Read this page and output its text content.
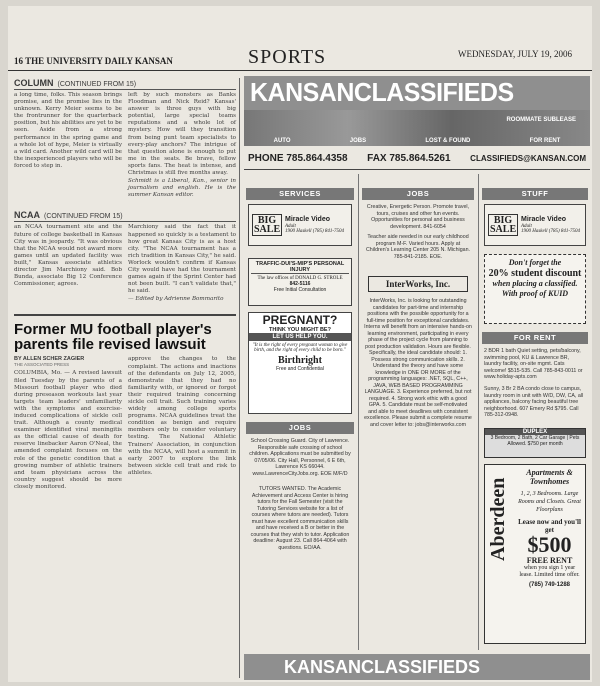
16 THE UNIVERSITY DAILY KANSAN	SPORTS	WEDNESDAY, JULY 19, 2006
COLUMN (CONTINUED FROM 15)

a long time, folks. This season brings promise, and the promise lies in the unknown. Kerry Meier seems to be the frontrunner for the quarterback position, but his abilities are yet to be seen. Aside from a strong performance in the spring game and a whole lot of hype, Meier is virtually a wild card. Another wild card will be the inexperienced players who will be forced to step in.

left by such monsters as Banks Floodman and Nick Reid? Kansas' answer is three guys with big potential, large special teams reputations and a whole lot of mystery. How will they transition from being punt team specialists to every-play anchors? The intrigue of that question alone is enough to put me in the seats. Be brave, fellow sports fans. The heat is intense, and Christmas is still five months away.

Schmidt is a Liberal, Kan., senior in journalism and english. He is the summer Kansan editor.

NCAA (CONTINUED FROM 15)

an NCAA tournament site and the future of college basketball in Kansas City was in jeopardy. "It was obvious that the NCAA would not award more games until an updated facility was built," Kansas associate athletics director Jim Marchiony said. Bob Bunda, associate Big 12 Conference Commissioner, agrees.

Marchiony said the fact that it happened so quickly is a testament to how great Kansas City is as a host city. "The NCAA tournament has a rich tradition in Kansas City," he said. Worlock wouldn't confirm if Kansas City would have had the tournament games again if the Sprint Center had not been built. "I can't validate that," he said.

— Edited by Adrienne Bommarito

Former MU football player's parents file revised lawsuit
BY ALLEN SCHER ZAGIER
THE ASSOCIATED PRESS

COLUMBIA, Mo. — A revised lawsuit filed Tuesday by the parents of a Missouri football player who died during preseason workouts last year targets team leaders' unfamiliarity with the symptoms and exercise-induced complications of sickle cell trait. Although a county medical examiner identified viral meningitis as the official cause of death for reserve linebacker Aaron O'Neal, the amended complaint focuses on the role of the genetic condition that a growing number of athletic trainers and team physicians across the country suggest should be more closely monitored.

approve the changes to the complaint. The actions and inactions of the defendants on July 12, 2005, demonstrate that they had no familiarity with, or ignored or forgot their required training concerning sickle cell trait. Such training varies widely among college sports programs. NCAA guidelines treat the condition as benign and require members only to consider voluntary testing. The National Athletic Trainers' Association, in conjunction with the NCAA, will host a summit in early 2007 to explore the link between sickle cell trait and risk to athletes.

KANSANCLASSIFIEDS
AUTO	JOBS	LOST & FOUND	FOR RENT
ROOMMATE SUBLEASE
PHONE 785.864.4358 FAX 785.864.5261 CLASSIFIEDS@KANSAN.COM
SERVICES
BIG SALE
Miracle Video
Adult
1900 Haskell (785) 841-7504
TRAFFIC-DUI'S-MIP'S PERSONAL INJURY
The law offices of DONALD G. STROLE
842-5116
Free Initial Consultation
PREGNANT?
THINK YOU MIGHT BE?
LET US HELP YOU.
"It is the right of every pregnant woman to give birth, and the right of every child to be born."
Birthright
Free and Confidential
JOBS
School Crossing Guard. City of Lawrence. Responsible safe crossing of school children. Applications must be submitted by 07/05/06. City Hall, Personnel, 6 E 6th, Lawrence KS 66044. www.LawrenceCityJobs.org. EOE M/F/D
TUTORS WANTED. The Academic Achievement and Access Center is hiring tutors for the Fall Semester (visit the Tutoring Services website for a list of courses where tutors are needed). Tutors must have excellent communication skills and have received a B or better in the courses that they wish to tutor. Application deadline: August 23. Call 864-4064 with questions. EO/AA.
JOBS
Creative, Energetic Person. Promote travel, tours, cruises and other fun events. Opportunities for personal and business development. 841-6054
Teacher aide needed in our early childhood program M-F. Varied hours. Apply at Children's Learning Center 205 N. Michigan. 785-841-2185. EOE.
InterWorks, Inc.
InterWorks, Inc. is looking for outstanding candidates for part-time and internship positions with the possible opportunity for a full-time position for exceptional candidates. Interns will benefit from an intensive hands-on learning environment, participating in every phase of the project cycle from planning to post production validation. Hours are flexible. Specifically, the ideal candidate should: 1. Possess strong communication skills. 2. Understand the theory and have some knowledge in ONE OR MORE of the programming languages: .NET, SQL, C++, JAVA, WEB BASED PROGRAMMING LANGUAGE. 3. Experience preferred, but not required. 4. Strong work ethic with a good GPA. 5. Candidate must be self-motivated and able to meet deadlines with consistent excellence. Please submit a complete resume and cover letter to: jobs@interworks.com
STUFF
BIG SALE
Miracle Video
Adult
1900 Haskell (785) 841-7504
Don't forget the
20% student discount
when placing a classified.
With proof of KUID
FOR RENT
2 BDR 1 bath Quiet setting, pets/balcony, swimming pool, KU & Lawrence BR, laundry facility, on-site mgmt. Cats welcome! $515-535. Call 785-843-0011 or www.holiday-apts.com
Sunny, 3 Br 2 BA condo close to campus, laundry room in unit with W/D, DW, CA, all appliances, balcony facing beautiful tree neighborhood. 607 Emery Rd $795. Call 785-312-0948.
DUPLEX
3 Bedroom, 2 Bath, 2 Car Garage | Pets Allowed. $750 per month
Aberdeen
Apartments & Townhomes
1, 2, 3 Bedrooms. Large Rooms and Closets. Great Floorplans
Lease now and you'll get
$500
FREE RENT
when you sign 1 year lease. Limited time offer.
(785) 749-1288
KANSANCLASSIFIEDS
